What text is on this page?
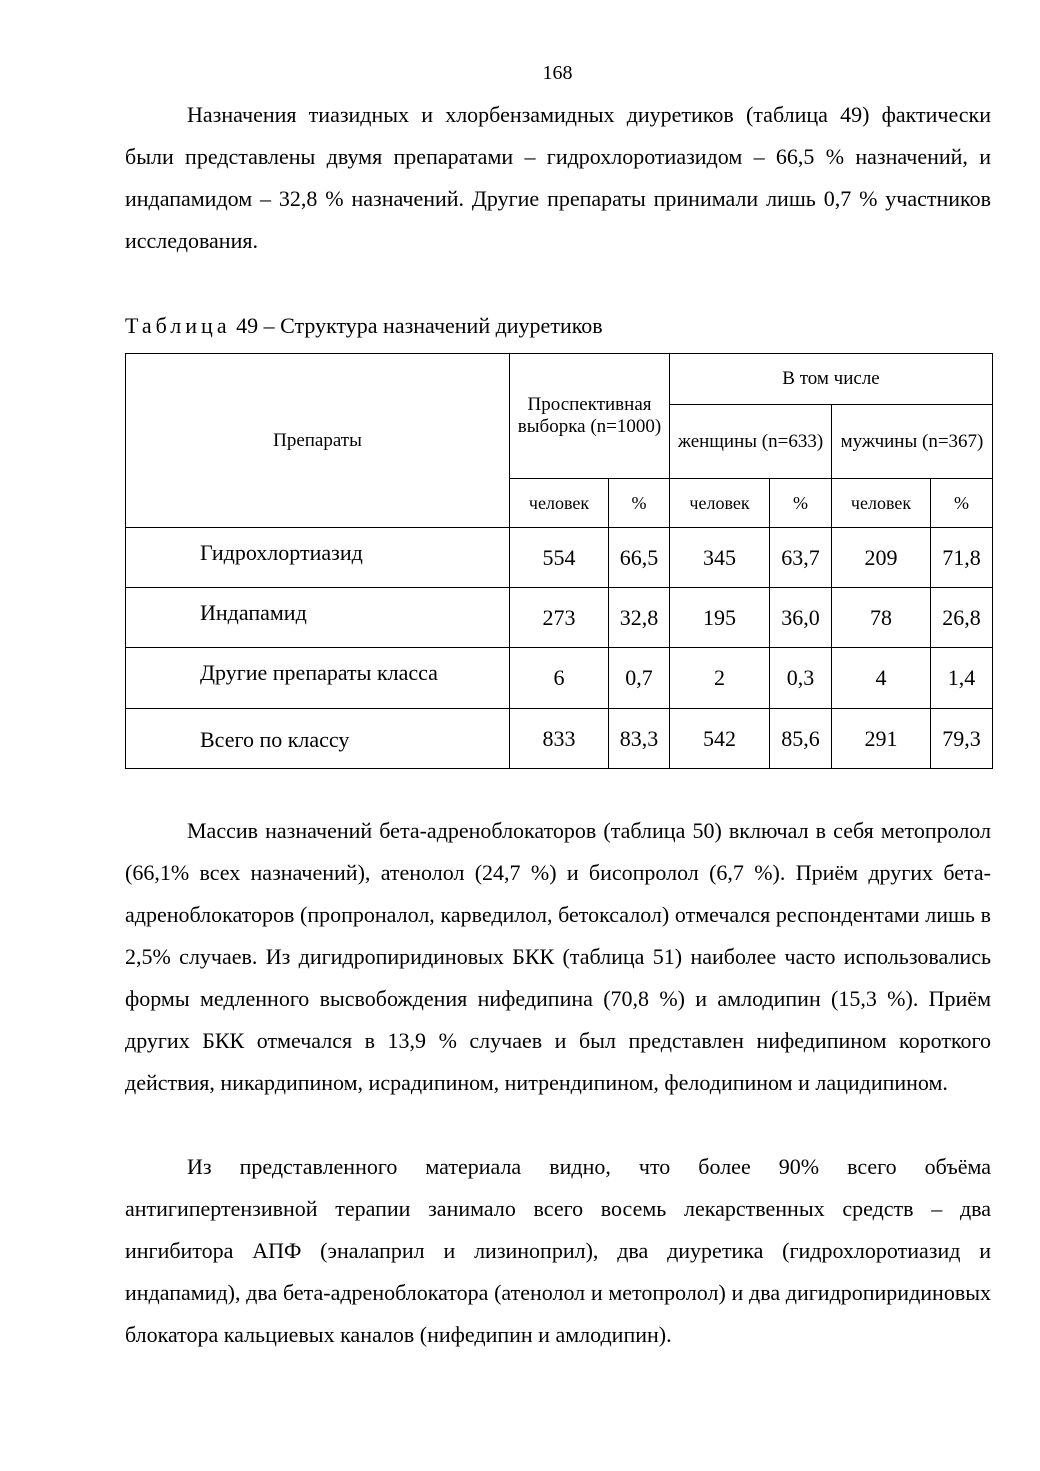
168

Назначения тиазидных и хлорбензамидных диуретиков (таблица 49) фактически были представлены двумя препаратами – гидрохлоротиазидом – 66,5 % назначений, и индапамидом – 32,8 % назначений. Другие препараты принимали лишь 0,7 % участников исследования.

Таблица 49 – Структура назначений диуретиков
Препараты	Проспективная выборка (n=1000)		В том числе			
			женщины (n=633)		мужчины (n=367)	
	человек	%	человек	%	человек	%
Гидрохлортиазид	554	66,5	345	63,7	209	71,8
Индапамид	273	32,8	195	36,0	78	26,8
Другие препараты класса	6	0,7	2	0,3	4	1,4
Всего по классу	833	83,3	542	85,6	291	79,3

Массив назначений бета-адреноблокаторов (таблица 50) включал в себя метопролол (66,1% всех назначений), атенолол (24,7 %) и бисопролол (6,7 %). Приём других бета-адреноблокаторов (пропроналол, карведилол, бетоксалол) отмечался респондентами лишь в 2,5% случаев. Из дигидропиридиновых БКК (таблица 51) наиболее часто использовались формы медленного высвобождения нифедипина (70,8 %) и амлодипин (15,3 %). Приём других БКК отмечался в 13,9 % случаев и был представлен нифедипином короткого действия, никардипином, исрадипином, нитрендипином, фелодипином и лацидипином.

Из представленного материала видно, что более 90% всего объёма антигипертензивной терапии занимало всего восемь лекарственных средств – два ингибитора АПФ (эналаприл и лизиноприл), два диуретика (гидрохлоротиазид и индапамид), два бета-адреноблокатора (атенолол и метопролол) и два дигидропиридиновых блокатора кальциевых каналов (нифедипин и амлодипин).
